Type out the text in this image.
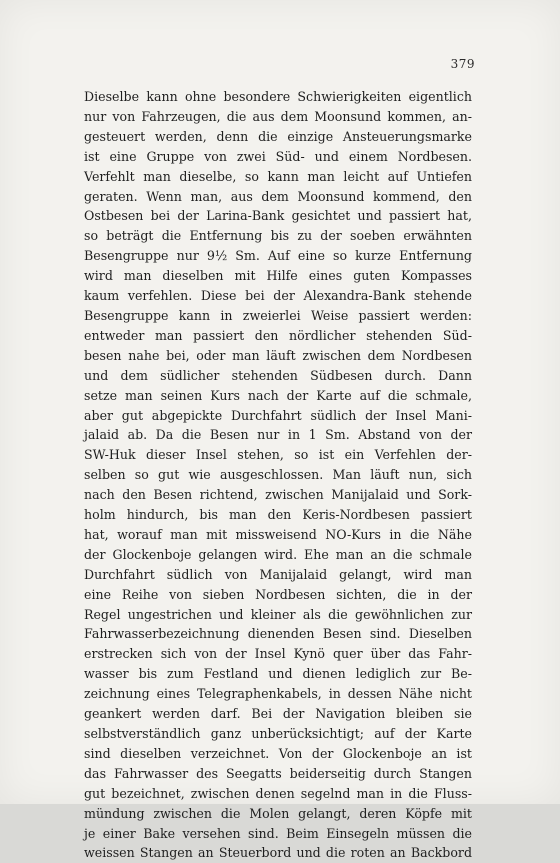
379
Dieselbe kann ohne besondere Schwierigkeiten eigentlich
nur von Fahrzeugen, die aus dem Moonsund kommen, an-
gesteuert werden, denn die einzige Ansteuerungsmarke
ist eine Gruppe von zwei Süd- und einem Nordbesen.
Verfehlt man dieselbe, so kann man leicht auf Untiefen
geraten. Wenn man, aus dem Moonsund kommend, den
Ostbesen bei der Larina-Bank gesichtet und passiert hat,
so beträgt die Entfernung bis zu der soeben erwähnten
Besengruppe nur 9½ Sm. Auf eine so kurze Entfernung
wird man dieselben mit Hilfe eines guten Kompasses
kaum verfehlen. Diese bei der Alexandra-Bank stehende
Besengruppe kann in zweierlei Weise passiert werden:
entweder man passiert den nördlicher stehenden Süd-
besen nahe bei, oder man läuft zwischen dem Nordbesen
und dem südlicher stehenden Südbesen durch. Dann
setze man seinen Kurs nach der Karte auf die schmale,
aber gut abgepickte Durchfahrt südlich der Insel Mani-
jalaid ab. Da die Besen nur in 1 Sm. Abstand von der
SW-Huk dieser Insel stehen, so ist ein Verfehlen der-
selben so gut wie ausgeschlossen. Man läuft nun, sich
nach den Besen richtend, zwischen Manijalaid und Sork-
holm hindurch, bis man den Keris-Nordbesen passiert
hat, worauf man mit missweisend NO-Kurs in die Nähe
der Glockenboje gelangen wird. Ehe man an die schmale
Durchfahrt südlich von Manijalaid gelangt, wird man
eine Reihe von sieben Nordbesen sichten, die in der
Regel ungestrichen und kleiner als die gewöhnlichen zur
Fahrwasserbezeichnung dienenden Besen sind. Dieselben
erstrecken sich von der Insel Kynö quer über das Fahr-
wasser bis zum Festland und dienen lediglich zur Be-
zeichnung eines Telegraphenkabels, in dessen Nähe nicht
geankert werden darf. Bei der Navigation bleiben sie
selbstverständlich ganz unberücksichtigt; auf der Karte
sind dieselben verzeichnet. Von der Glockenboje an ist
das Fahrwasser des Seegatts beiderseitig durch Stangen
gut bezeichnet, zwischen denen segelnd man in die Fluss-
mündung zwischen die Molen gelangt, deren Köpfe mit
je einer Bake versehen sind. Beim Einsegeln müssen die
weissen Stangen an Steuerbord und die roten an Backbord
